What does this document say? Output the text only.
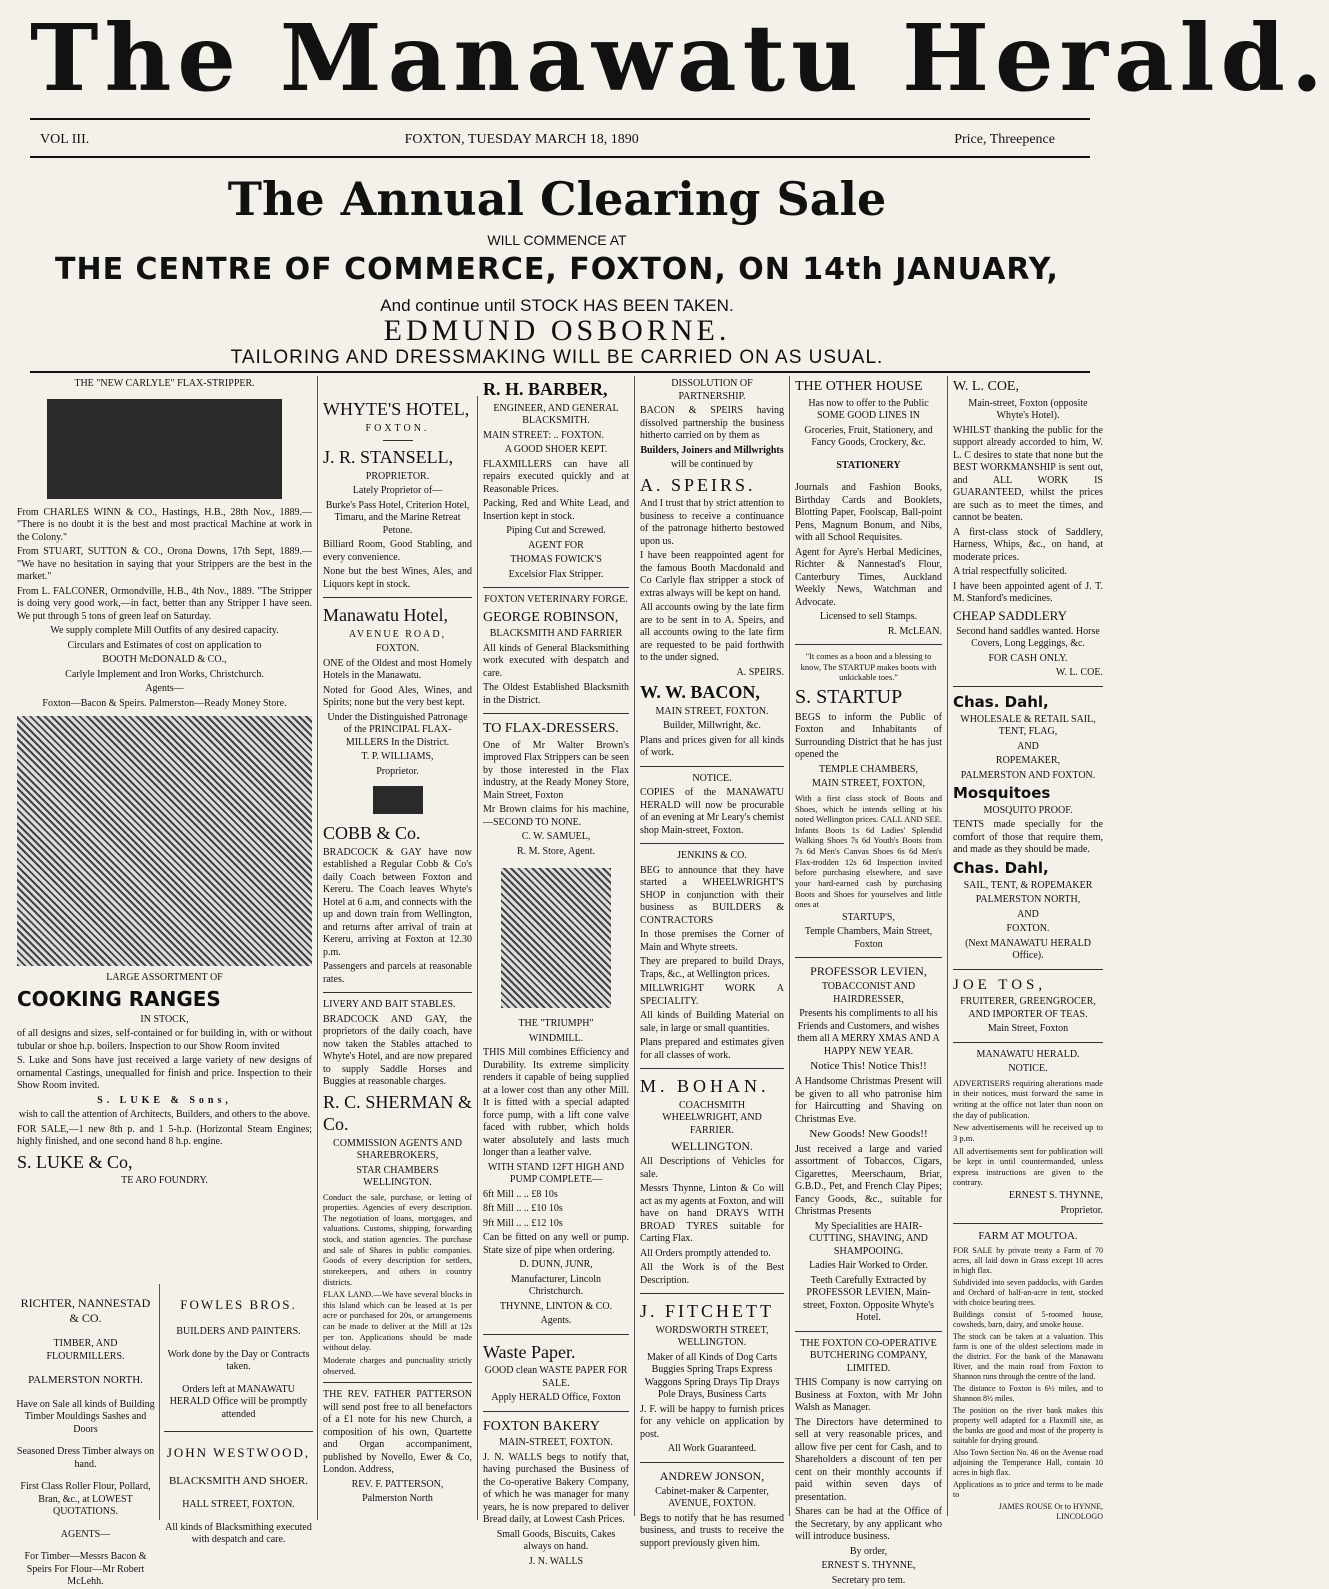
The Manawatu Herald.
VOL III.	FOXTON, TUESDAY MARCH 18, 1890	Price, Threepence
The Annual Clearing Sale
WILL COMMENCE AT
THE CENTRE OF COMMERCE, FOXTON, ON 14th JANUARY,
And continue until STOCK HAS BEEN TAKEN.
EDMUND OSBORNE.
TAILORING AND DRESSMAKING WILL BE CARRIED ON AS USUAL.

THE "NEW CARLYLE" FLAX-STRIPPER.

From CHARLES WINN & CO., Hastings, H.B., 28th Nov., 1889.— "There is no doubt it is the best and most practical Machine at work in the Colony."

From STUART, SUTTON & CO., Orona Downs, 17th Sept, 1889.— "We have no hesitation in saying that your Strippers are the best in the market."

From L. FALCONER, Ormondville, H.B., 4th Nov., 1889. "The Stripper is doing very good work,—in fact, better than any Stripper I have seen. We put through 5 tons of green leaf on Saturday.

We supply complete Mill Outfits of any desired capacity.

Circulars and Estimates of cost on application to

BOOTH McDONALD & CO.,

Carlyle Implement and Iron Works, Christchurch.

Agents—

Foxton—Bacon & Speirs. Palmerston—Ready Money Store.

LARGE ASSORTMENT OF

COOKING RANGES

IN STOCK,

of all designs and sizes, self-contained or for building in, with or without tubular or shoe h.p. boilers. Inspection to our Show Room invited

S. Luke and Sons have just received a large variety of new designs of ornamental Castings, unequalled for finish and price. Inspection to their Show Room invited.

S. LUKE & Sons,

wish to call the attention of Architects, Builders, and others to the above.

FOR SALE,—1 new 8th p. and 1 5-h.p. (Horizontal Steam Engines; highly finished, and one second hand 8 h.p. engine.

S. LUKE & Co,

TE ARO FOUNDRY.

RICHTER, NANNESTAD & CO.

TIMBER, AND FLOURMILLERS.

PALMERSTON NORTH.

Have on Sale all kinds of Building Timber Mouldings Sashes and Doors

Seasoned Dress Timber always on hand.

First Class Roller Flour, Pollard, Bran, &c., at LOWEST QUOTATIONS.

AGENTS—

For Timber—Messrs Bacon & Speirs For Flour—Mr Robert McLehh.

FOWLES BROS.

BUILDERS AND PAINTERS.

Work done by the Day or Contracts taken.

Orders left at MANAWATU HERALD Office will be promptly attended

JOHN WESTWOOD,

BLACKSMITH AND SHOER.

HALL STREET, FOXTON.

All kinds of Blacksmithing executed with despatch and care.

WHYTE'S HOTEL,

FOXTON.

J. R. STANSELL,

PROPRIETOR.

Lately Proprietor of—

Burke's Pass Hotel, Criterion Hotel, Timaru, and the Marine Retreat Petone.

Billiard Room, Good Stabling, and every convenience.

None but the best Wines, Ales, and Liquors kept in stock.

Manawatu Hotel,

AVENUE ROAD,

FOXTON.

ONE of the Oldest and most Homely Hotels in the Manawatu.

Noted for Good Ales, Wines, and Spirits; none but the very best kept.

Under the Distinguished Patronage of the PRINCIPAL FLAX-MILLERS In the District.

T. P. WILLIAMS,

Proprietor.

COBB & Co.

BRADCOCK & GAY have now established a Regular Cobb & Co's daily Coach between Foxton and Kereru. The Coach leaves Whyte's Hotel at 6 a.m, and connects with the up and down train from Wellington, and returns after arrival of train at Kereru, arriving at Foxton at 12.30 p.m.

Passengers and parcels at reasonable rates.

LIVERY AND BAIT STABLES.

BRADCOCK AND GAY, the proprietors of the daily coach, have now taken the Stables attached to Whyte's Hotel, and are now prepared to supply Saddle Horses and Buggies at reasonable charges.

R. C. SHERMAN & Co.

COMMISSION AGENTS AND SHAREBROKERS,

STAR CHAMBERS WELLINGTON.

Conduct the sale, purchase, or letting of properties. Agencies of every description. The negotiation of loans, mortgages, and valuations. Customs, shipping, forwarding stock, and station agencies. The purchase and sale of Shares in public companies. Goods of every description for settlers, storekeepers, and others in country districts.

FLAX LAND.—We have several blocks in this Island which can be leased at 1s per acre or purchased for 20s, or arrangements can be made to deliver at the Mill at 12s per ton. Applications should be made without delay.

Moderate charges and punctuality strictly observed.

THE REV. FATHER PATTERSON will send post free to all benefactors of a £1 note for his new Church, a composition of his own, Quartette and Organ accompaniment, published by Novello, Ewer & Co, London. Address,

REV. F. PATTERSON,

Palmerston North

R. H. BARBER,

ENGINEER, AND GENERAL BLACKSMITH.

MAIN STREET: .. FOXTON.

A GOOD SHOER KEPT.

FLAXMILLERS can have all repairs executed quickly and at Reasonable Prices.

Packing, Red and White Lead, and Insertion kept in stock.

Piping Cut and Screwed.

AGENT FOR

THOMAS FOWICK'S

Excelsior Flax Stripper.

FOXTON VETERINARY FORGE.

GEORGE ROBINSON,

BLACKSMITH AND FARRIER

All kinds of General Blacksmithing work executed with despatch and care.

The Oldest Established Blacksmith in the District.

TO FLAX-DRESSERS.

One of Mr Walter Brown's improved Flax Strippers can be seen by those interested in the Flax industry, at the Ready Money Store, Main Street, Foxton

Mr Brown claims for his machine,—SECOND TO NONE.

C. W. SAMUEL,

R. M. Store, Agent.

THE "TRIUMPH"

WINDMILL.

THIS Mill combines Efficiency and Durability. Its extreme simplicity renders it capable of being supplied at a lower cost than any other Mill. It is fitted with a special adapted force pump, with a lift cone valve faced with rubber, which holds water absolutely and lasts much longer than a leather valve.

WITH STAND 12FT HIGH AND PUMP COMPLETE—

6ft Mill .. .. £8 10s

8ft Mill .. .. £10 10s

9ft Mill .. .. £12 10s

Can be fitted on any well or pump. State size of pipe when ordering.

D. DUNN, JUNR,

Manufacturer, Lincoln Christchurch.

THYNNE, LINTON & CO.

Agents.

Waste Paper.

GOOD clean WASTE PAPER FOR SALE.

Apply HERALD Office, Foxton

FOXTON BAKERY

MAIN-STREET, FOXTON.

J. N. WALLS begs to notify that, having purchased the Business of the Co-operative Bakery Company, of which he was manager for many years, he is now prepared to deliver Bread daily, at Lowest Cash Prices.

Small Goods, Biscuits, Cakes always on hand.

J. N. WALLS

DISSOLUTION OF PARTNERSHIP.

BACON & SPEIRS having dissolved partnership the business hitherto carried on by them as

Builders, Joiners and Millwrights

will be continued by

A. SPEIRS.

And I trust that by strict attention to business to receive a continuance of the patronage hitherto bestowed upon us.

I have been reappointed agent for the famous Booth Macdonald and Co Carlyle flax stripper a stock of extras always will be kept on hand.

All accounts owing by the late firm are to be sent in to A. Speirs, and all accounts owing to the late firm are requested to be paid forthwith to the under signed.

A. SPEIRS.

W. W. BACON,

MAIN STREET, FOXTON.

Builder, Millwright, &c.

Plans and prices given for all kinds of work.

NOTICE.

COPIES of the MANAWATU HERALD will now be procurable of an evening at Mr Leary's chemist shop Main-street, Foxton.

JENKINS & CO.

BEG to announce that they have started a WHEELWRIGHT'S SHOP in conjunction with their business as BUILDERS & CONTRACTORS

In those premises the Corner of Main and Whyte streets.

They are prepared to build Drays, Traps, &c., at Wellington prices.

MILLWRIGHT WORK A SPECIALITY.

All kinds of Building Material on sale, in large or small quantities.

Plans prepared and estimates given for all classes of work.

M. BOHAN.

COACHSMITH WHEELWRIGHT, AND FARRIER.

WELLINGTON.

All Descriptions of Vehicles for sale.

Messrs Thynne, Linton & Co will act as my agents at Foxton, and will have on hand DRAYS WITH BROAD TYRES suitable for Carting Flax.

All Orders promptly attended to.

All the Work is of the Best Description.

J. FITCHETT

WORDSWORTH STREET, WELLINGTON.

Maker of all Kinds of Dog Carts Buggies Spring Traps Express Waggons Spring Drays Tip Drays Pole Drays, Business Carts

J. F. will be happy to furnish prices for any vehicle on application by post.

All Work Guaranteed.

ANDREW JONSON,

Cabinet-maker & Carpenter, AVENUE, FOXTON.

Begs to notify that he has resumed business, and trusts to receive the support previously given him.

THE OTHER HOUSE

Has now to offer to the Public SOME GOOD LINES IN

Groceries, Fruit, Stationery, and Fancy Goods, Crockery, &c.

STATIONERY

Journals and Fashion Books, Birthday Cards and Booklets, Blotting Paper, Foolscap, Ball-point Pens, Magnum Bonum, and Nibs, with all School Requisites.

Agent for Ayre's Herbal Medicines, Richter & Nannestad's Flour, Canterbury Times, Auckland Weekly News, Watchman and Advocate.

Licensed to sell Stamps.

R. McLEAN.

"It comes as a boon and a blessing to know, The STARTUP makes boots with unkickable toes."

S. STARTUP

BEGS to inform the Public of Foxton and Inhabitants of Surrounding District that he has just opened the

TEMPLE CHAMBERS,

MAIN STREET, FOXTON,

With a first class stock of Boots and Shoes, which he intends selling at his noted Wellington prices. CALL AND SEE. Infants Boots 1s 6d Ladies' Splendid Walking Shoes 7s 6d Youth's Boots from 7s 6d Men's Canvas Shoes 6s 6d Men's Flax-trodden 12s 6d Inspection invited before purchasing elsewhere, and save your hard-earned cash by purchasing Boots and Shoes for yourselves and little ones at

STARTUP'S,

Temple Chambers, Main Street, Foxton

PROFESSOR LEVIEN,

TOBACCONIST AND HAIRDRESSER,

Presents his compliments to all his Friends and Customers, and wishes them all A MERRY XMAS AND A HAPPY NEW YEAR.

Notice This! Notice This!!

A Handsome Christmas Present will be given to all who patronise him for Haircutting and Shaving on Christmas Eve.

New Goods! New Goods!!

Just received a large and varied assortment of Tobaccos, Cigars, Cigarettes, Meerschaum, Briar, G.B.D., Pet, and French Clay Pipes; Fancy Goods, &c., suitable for Christmas Presents

My Specialities are HAIR-CUTTING, SHAVING, AND SHAMPOOING.

Ladies Hair Worked to Order.

Teeth Carefully Extracted by PROFESSOR LEVIEN, Main-street, Foxton. Opposite Whyte's Hotel.

THE FOXTON CO-OPERATIVE BUTCHERING COMPANY, LIMITED.

THIS Company is now carrying on Business at Foxton, with Mr John Walsh as Manager.

The Directors have determined to sell at very reasonable prices, and allow five per cent for Cash, and to Shareholders a discount of ten per cent on their monthly accounts if paid within seven days of presentation.

Shares can be had at the Office of the Secretary, by any applicant who will introduce business.

By order,

ERNEST S. THYNNE,

Secretary pro tem.

W. L. COE,

Main-street, Foxton (opposite Whyte's Hotel).

WHILST thanking the public for the support already accorded to him, W. L. C desires to state that none but the BEST WORKMANSHIP is sent out, and ALL WORK IS GUARANTEED, whilst the prices are such as to meet the times, and cannot be beaten.

A first-class stock of Saddlery, Harness, Whips, &c., on hand, at moderate prices.

A trial respectfully solicited.

I have been appointed agent of J. T. M. Stanford's medicines.

CHEAP SADDLERY

Second hand saddles wanted. Horse Covers, Long Leggings, &c.

FOR CASH ONLY.

W. L. COE.

Chas. Dahl,

WHOLESALE & RETAIL SAIL, TENT, FLAG,

AND

ROPEMAKER,

PALMERSTON AND FOXTON.

Mosquitoes

MOSQUITO PROOF.

TENTS made specially for the comfort of those that require them, and made as they should be made.

Chas. Dahl,

SAIL, TENT, & ROPEMAKER

PALMERSTON NORTH,

AND

FOXTON.

(Next MANAWATU HERALD Office).

JOE TOS,

FRUITERER, GREENGROCER, AND IMPORTER OF TEAS.

Main Street, Foxton

MANAWATU HERALD.

NOTICE.

ADVERTISERS requiring alterations made in their notices, must forward the same in writing at the office not later than noon on the day of publication.

New advertisements will be received up to 3 p.m.

All advertisements sent for publication will be kept in until countermanded, unless express instructions are given to the contrary.

ERNEST S. THYNNE,

Proprietor.

FARM AT MOUTOA.

FOR SALE by private treaty a Farm of 70 acres, all laid down in Grass except 10 acres in high flax.

Subdivided into seven paddocks, with Garden and Orchard of half-an-acre in tent, stocked with choice bearing trees.

Buildings consist of 5-roomed house, cowsheds, barn, dairy, and smoke house.

The stock can be taken at a valuation. This farm is one of the oldest selections made in the district. For the bank of the Manawatu River, and the main road from Foxton to Shannon runs through the centre of the land.

The distance to Foxton is 6½ miles, and to Shannon 8½ miles.

The position on the river bank makes this property well adapted for a Flaxmill site, as the banks are good and most of the property is suitable for drying ground.

Also Town Section No. 46 on the Avenue road adjoining the Temperance Hall, contain 10 acres in high flax.

Applications as to price and terms to be made to

JAMES ROUSE Or to HYNNE, LINCOLOGO
